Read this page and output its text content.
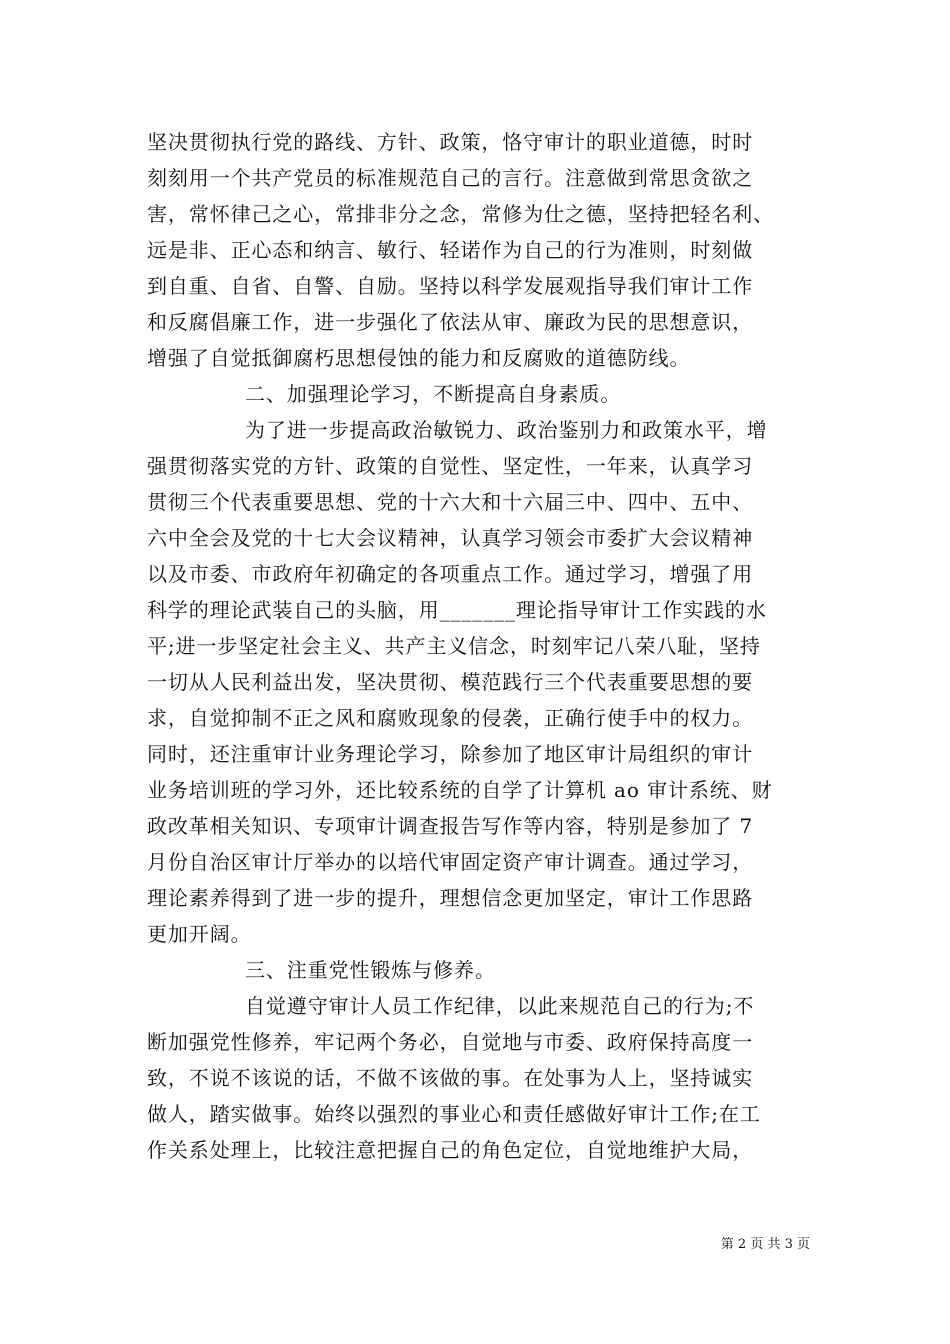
坚决贯彻执行党的路线、方针、政策，恪守审计的职业道德，时时
刻刻用一个共产党员的标准规范自己的言行。注意做到常思贪欲之
害，常怀律己之心，常排非分之念，常修为仕之德，坚持把轻名利、
远是非、正心态和纳言、敏行、轻诺作为自己的行为准则，时刻做
到自重、自省、自警、自励。坚持以科学发展观指导我们审计工作
和反腐倡廉工作，进一步强化了依法从审、廉政为民的思想意识，
增强了自觉抵御腐朽思想侵蚀的能力和反腐败的道德防线。
二、加强理论学习，不断提高自身素质。
为了进一步提高政治敏锐力、政治鉴别力和政策水平，增
强贯彻落实党的方针、政策的自觉性、坚定性，一年来，认真学习
贯彻三个代表重要思想、党的十六大和十六届三中、四中、五中、
六中全会及党的十七大会议精神，认真学习领会市委扩大会议精神
以及市委、市政府年初确定的各项重点工作。通过学习，增强了用
科学的理论武装自己的头脑，用_______理论指导审计工作实践的水
平;进一步坚定社会主义、共产主义信念，时刻牢记八荣八耻，坚持
一切从人民利益出发，坚决贯彻、模范践行三个代表重要思想的要
求，自觉抑制不正之风和腐败现象的侵袭，正确行使手中的权力。
同时，还注重审计业务理论学习，除参加了地区审计局组织的审计
业务培训班的学习外，还比较系统的自学了计算机 ao 审计系统、财
政改革相关知识、专项审计调查报告写作等内容，特别是参加了 7
月份自治区审计厅举办的以培代审固定资产审计调查。通过学习，
理论素养得到了进一步的提升，理想信念更加坚定，审计工作思路
更加开阔。
三、注重党性锻炼与修养。
自觉遵守审计人员工作纪律，以此来规范自己的行为;不
断加强党性修养，牢记两个务必，自觉地与市委、政府保持高度一
致，不说不该说的话，不做不该做的事。在处事为人上，坚持诚实
做人，踏实做事。始终以强烈的事业心和责任感做好审计工作;在工
作关系处理上，比较注意把握自己的角色定位，自觉地维护大局，
第 2 页 共 3 页
